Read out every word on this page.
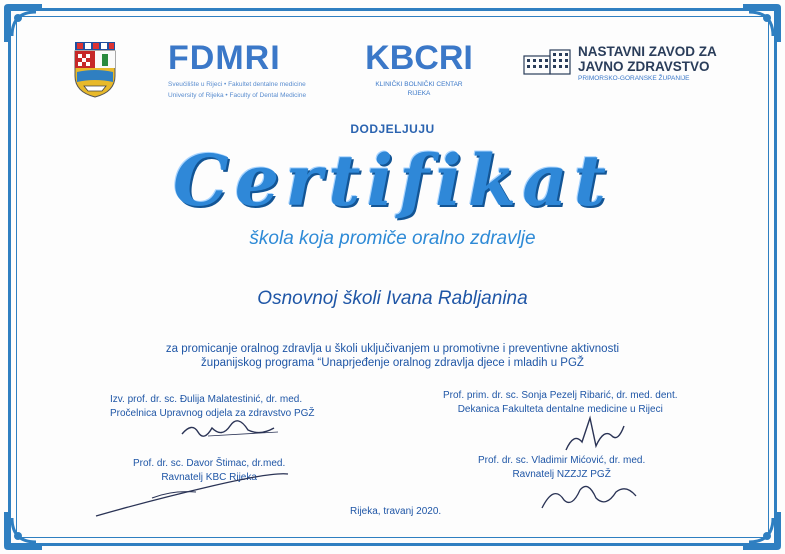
FDMRI
Sveučilište u Rijeci • Fakultet dentalne medicine
University of Rijeka • Faculty of Dental Medicine
KBCRI
KLINIČKI BOLNIČKI CENTAR RIJEKA
NASTAVNI ZAVOD ZA
JAVNO ZDRAVSTVO
PRIMORSKO-GORANSKE ŽUPANIJE
DODJELJUJU
Certifikat
škola koja promiče oralno zdravlje
Osnovnoj školi Ivana Rabljanina
za promicanje oralnog zdravlja u školi uključivanjem u promotivne i preventivne aktivnosti
županijskog programa “Unaprjeđenje oralnog zdravlja djece i mladih u PGŽ
Izv. prof. dr. sc. Đulija Malatestinić, dr. med.
Pročelnica Upravnog odjela za zdravstvo PGŽ
Prof. prim. dr. sc. Sonja Pezelj Ribarić, dr. med. dent.
Dekanica Fakulteta dentalne medicine u Rijeci
Prof. dr. sc. Davor Štimac, dr.med.
Ravnatelj KBC Rijeka
Prof. dr. sc. Vladimir Mićović, dr. med.
Ravnatelj NZZJZ PGŽ
Rijeka, travanj 2020.
